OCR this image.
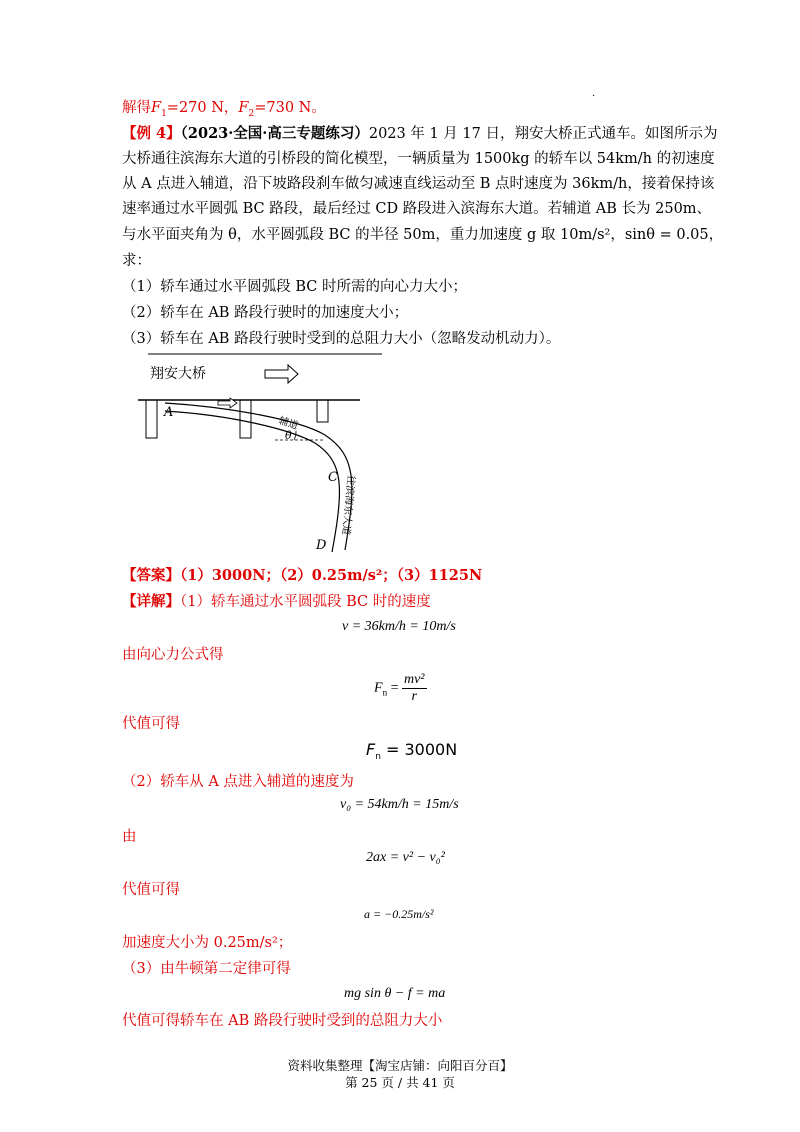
.
解得$F_1=270$ N，$F_2=730$ N。
【例 4】（2023·全国·高三专题练习）2023 年 1 月 17 日，翔安大桥正式通车。如图所示为
大桥通往滨海东大道的引桥段的简化模型，一辆质量为 1500kg 的轿车以 54km/h 的初速度
从 A 点进入辅道，沿下坡路段刹车做匀减速直线运动至 B 点时速度为 36km/h，接着保持该
速率通过水平圆弧 BC 路段，最后经过 CD 路段进入滨海东大道。若辅道 AB 长为 250m、
与水平面夹角为 θ，水平圆弧段 BC 的半径 50m，重力加速度 g 取 10m/s²，sinθ = 0.05，
求：
（1）轿车通过水平圆弧段 BC 时所需的向心力大小；
（2）轿车在 AB 路段行驶时的加速度大小；
（3）轿车在 AB 路段行驶时受到的总阻力大小（忽略发动机动力）。
翔安大桥
A
C
D
θ
辅道
往滨海东大道
【答案】（1）3000N；（2）0.25m/s²；（3）1125N
【详解】（1）轿车通过水平圆弧段 BC 时的速度
v = 36km/h = 10m/s
由向心力公式得
$F_n = \frac{\text{mv²}}{r}$
代值可得
$F_n = 3000N$
（2）轿车从 A 点进入辅道的速度为
v₀ = 54km/h = 15m/s
由
2ax = v² − v₀²
代值可得
a = −0.25m/s²
加速度大小为 0.25m/s²；
（3）由牛顿第二定律可得
mg sin θ − f = ma
代值可得轿车在 AB 路段行驶时受到的总阻力大小
资料收集整理【淘宝店铺：向阳百分百】
第 25 页 / 共 41 页
